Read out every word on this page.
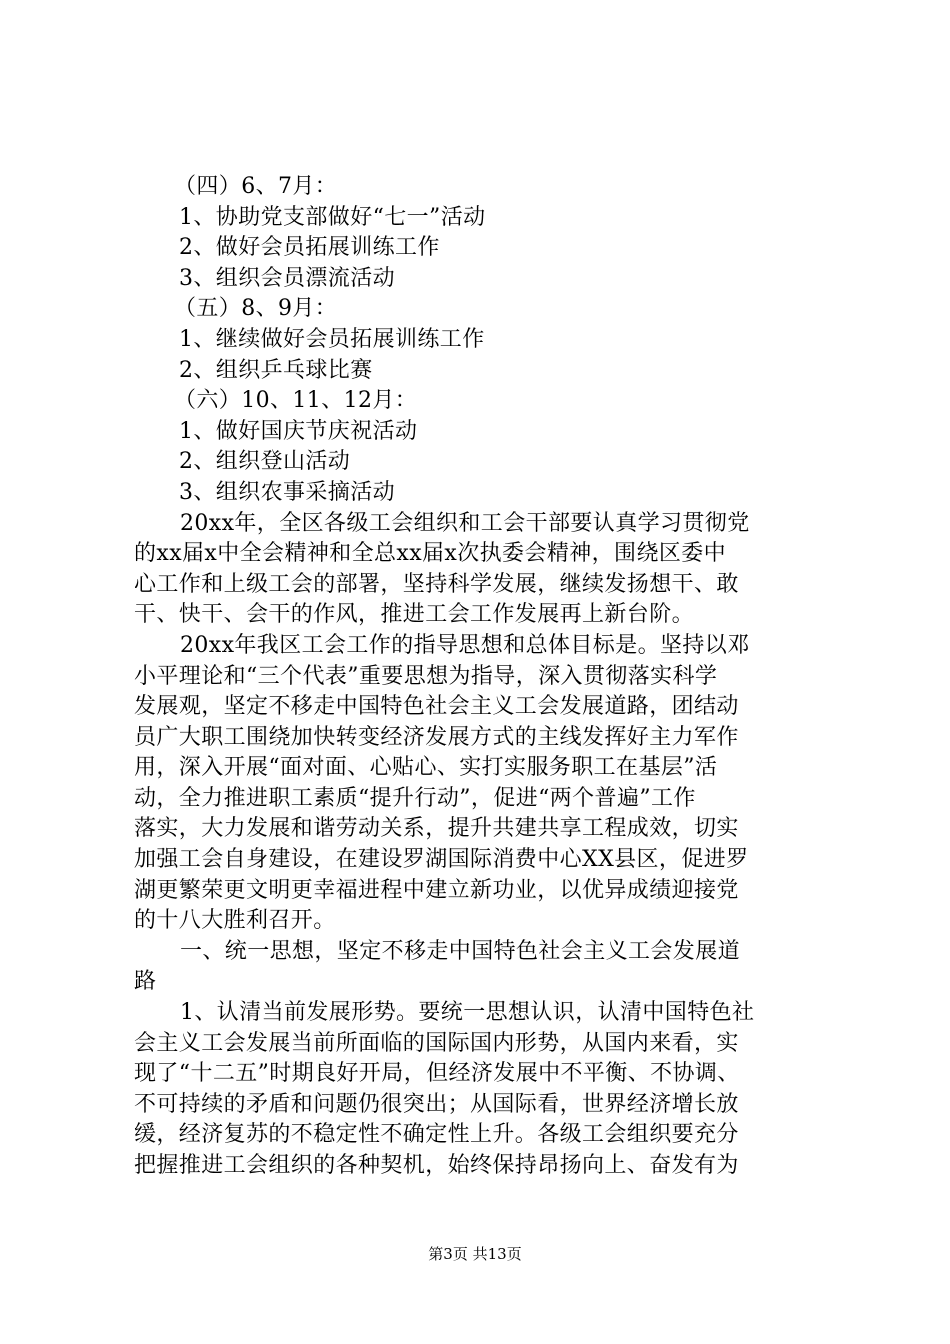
（四）6、7月：
1、协助党支部做好“七一”活动
2、做好会员拓展训练工作
3、组织会员漂流活动
（五）8、9月：
1、继续做好会员拓展训练工作
2、组织乒乓球比赛
（六）10、11、12月：
1、做好国庆节庆祝活动
2、组织登山活动
3、组织农事采摘活动
20xx年，全区各级工会组织和工会干部要认真学习贯彻党
的xx届x中全会精神和全总xx届x次执委会精神，围绕区委中
心工作和上级工会的部署，坚持科学发展，继续发扬想干、敢
干、快干、会干的作风，推进工会工作发展再上新台阶。
20xx年我区工会工作的指导思想和总体目标是。坚持以邓
小平理论和“三个代表”重要思想为指导，深入贯彻落实科学
发展观，坚定不移走中国特色社会主义工会发展道路，团结动
员广大职工围绕加快转变经济发展方式的主线发挥好主力军作
用，深入开展“面对面、心贴心、实打实服务职工在基层”活
动，全力推进职工素质“提升行动”，促进“两个普遍”工作
落实，大力发展和谐劳动关系，提升共建共享工程成效，切实
加强工会自身建设，在建设罗湖国际消费中心XX县区，促进罗
湖更繁荣更文明更幸福进程中建立新功业，以优异成绩迎接党
的十八大胜利召开。
一、统一思想，坚定不移走中国特色社会主义工会发展道
路
1、认清当前发展形势。要统一思想认识，认清中国特色社
会主义工会发展当前所面临的国际国内形势，从国内来看，实
现了“十二五”时期良好开局，但经济发展中不平衡、不协调、
不可持续的矛盾和问题仍很突出；从国际看，世界经济增长放
缓，经济复苏的不稳定性不确定性上升。各级工会组织要充分
把握推进工会组织的各种契机，始终保持昂扬向上、奋发有为
第3页 共13页
